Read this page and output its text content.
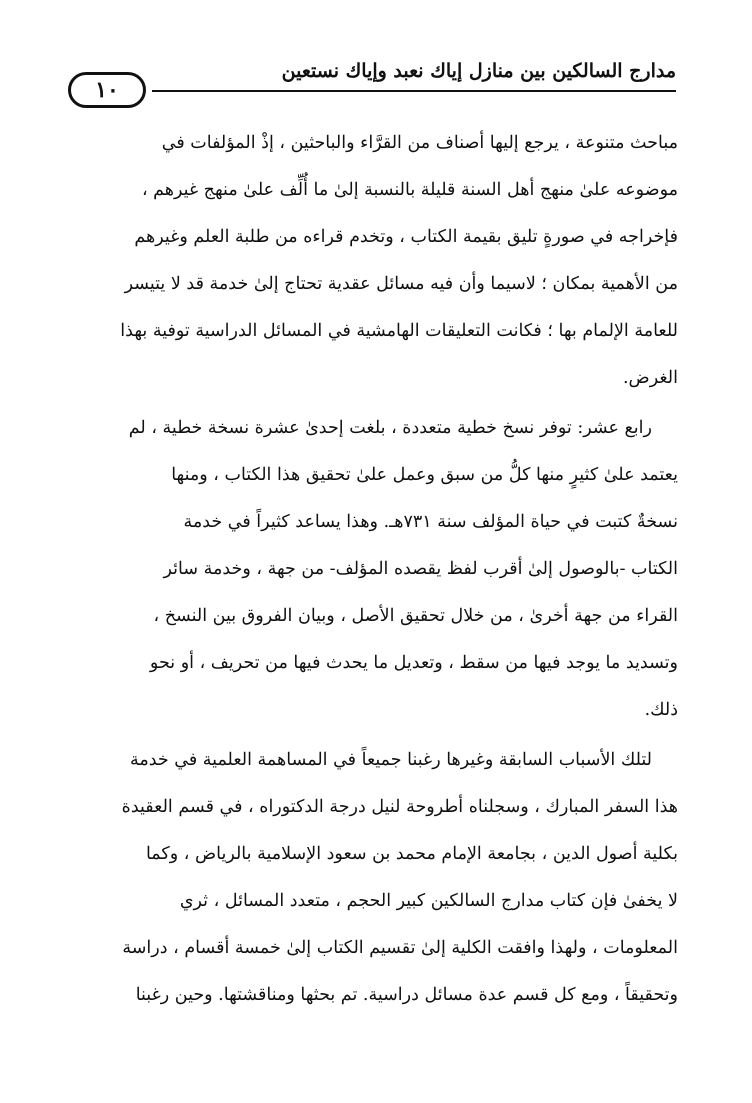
مدارج السالكين بين منازل إياك نعبد وإياك نستعين
١٠
مباحث متنوعة ، يرجع إليها أصناف من القرَّاء والباحثين ، إذْ المؤلفات في
موضوعه علىٰ منهج أهل السنة قليلة بالنسبة إلىٰ ما أُلِّف علىٰ منهج غيرهم ،
فإخراجه في صورةٍ تليق بقيمة الكتاب ، وتخدم قراءه من طلبة العلم وغيرهم
من الأهمية بمكان ؛ لاسيما وأن فيه مسائل عقدية تحتاج إلىٰ خدمة قد لا يتيسر
للعامة الإلمام بها ؛ فكانت التعليقات الهامشية في المسائل الدراسية توفية بهذا
الغرض.
رابع عشر: توفر نسخ خطية متعددة ، بلغت إحدىٰ عشرة نسخة خطية ، لم
يعتمد علىٰ كثيرٍ منها كلُّ من سبق وعمل علىٰ تحقيق هذا الكتاب ، ومنها
نسخةٌ كتبت في حياة المؤلف سنة ٧٣١هـ. وهذا يساعد كثيراً في خدمة
الكتاب -بالوصول إلىٰ أقرب لفظ يقصده المؤلف- من جهة ، وخدمة سائر
القراء من جهة أخرىٰ ، من خلال تحقيق الأصل ، وبيان الفروق بين النسخ ،
وتسديد ما يوجد فيها من سقط ، وتعديل ما يحدث فيها من تحريف ، أو نحو
ذلك.
لتلك الأسباب السابقة وغيرها رغبنا جميعاً في المساهمة العلمية في خدمة
هذا السفر المبارك ، وسجلناه أطروحة لنيل درجة الدكتوراه ، في قسم العقيدة
بكلية أصول الدين ، بجامعة الإمام محمد بن سعود الإسلامية بالرياض ، وكما
لا يخفىٰ فإن كتاب مدارج السالكين كبير الحجم ، متعدد المسائل ، ثري
المعلومات ، ولهذا وافقت الكلية إلىٰ تقسيم الكتاب إلىٰ خمسة أقسام ، دراسة
وتحقيقاً ، ومع كل قسم عدة مسائل دراسية. تم بحثها ومناقشتها. وحين رغبنا
